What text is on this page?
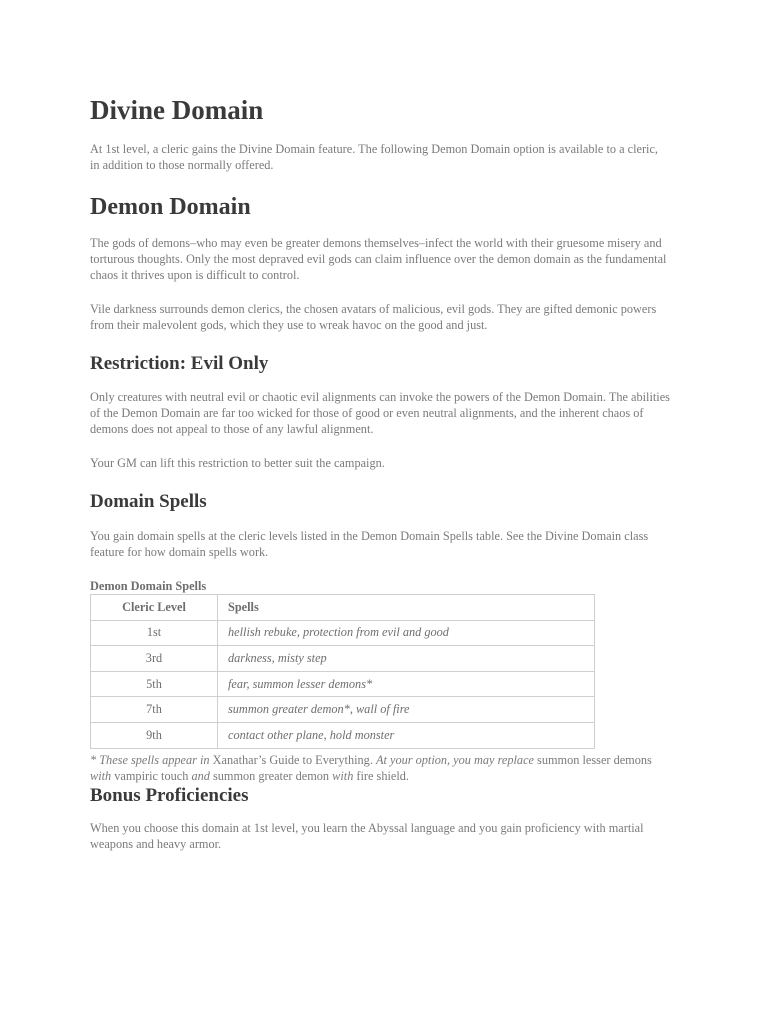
Divine Domain

At 1st level, a cleric gains the Divine Domain feature. The following Demon Domain option is available to a cleric, in addition to those normally offered.

Demon Domain

The gods of demons–who may even be greater demons themselves–infect the world with their gruesome misery and torturous thoughts. Only the most depraved evil gods can claim influence over the demon domain as the fundamental chaos it thrives upon is difficult to control.

Vile darkness surrounds demon clerics, the chosen avatars of malicious, evil gods. They are gifted demonic powers from their malevolent gods, which they use to wreak havoc on the good and just.

Restriction: Evil Only

Only creatures with neutral evil or chaotic evil alignments can invoke the powers of the Demon Domain. The abilities of the Demon Domain are far too wicked for those of good or even neutral alignments, and the inherent chaos of demons does not appeal to those of any lawful alignment.

Your GM can lift this restriction to better suit the campaign.

Domain Spells

You gain domain spells at the cleric levels listed in the Demon Domain Spells table. See the Divine Domain class feature for how domain spells work.

Demon Domain Spells
Cleric Level	Spells
1st	hellish rebuke, protection from evil and good
3rd	darkness, misty step
5th	fear, summon lesser demons*
7th	summon greater demon*, wall of fire
9th	contact other plane, hold monster

* These spells appear in Xanathar’s Guide to Everything. At your option, you may replace summon lesser demons with vampiric touch and summon greater demon with fire shield.

Bonus Proficiencies

When you choose this domain at 1st level, you learn the Abyssal language and you gain proficiency with martial weapons and heavy armor.
